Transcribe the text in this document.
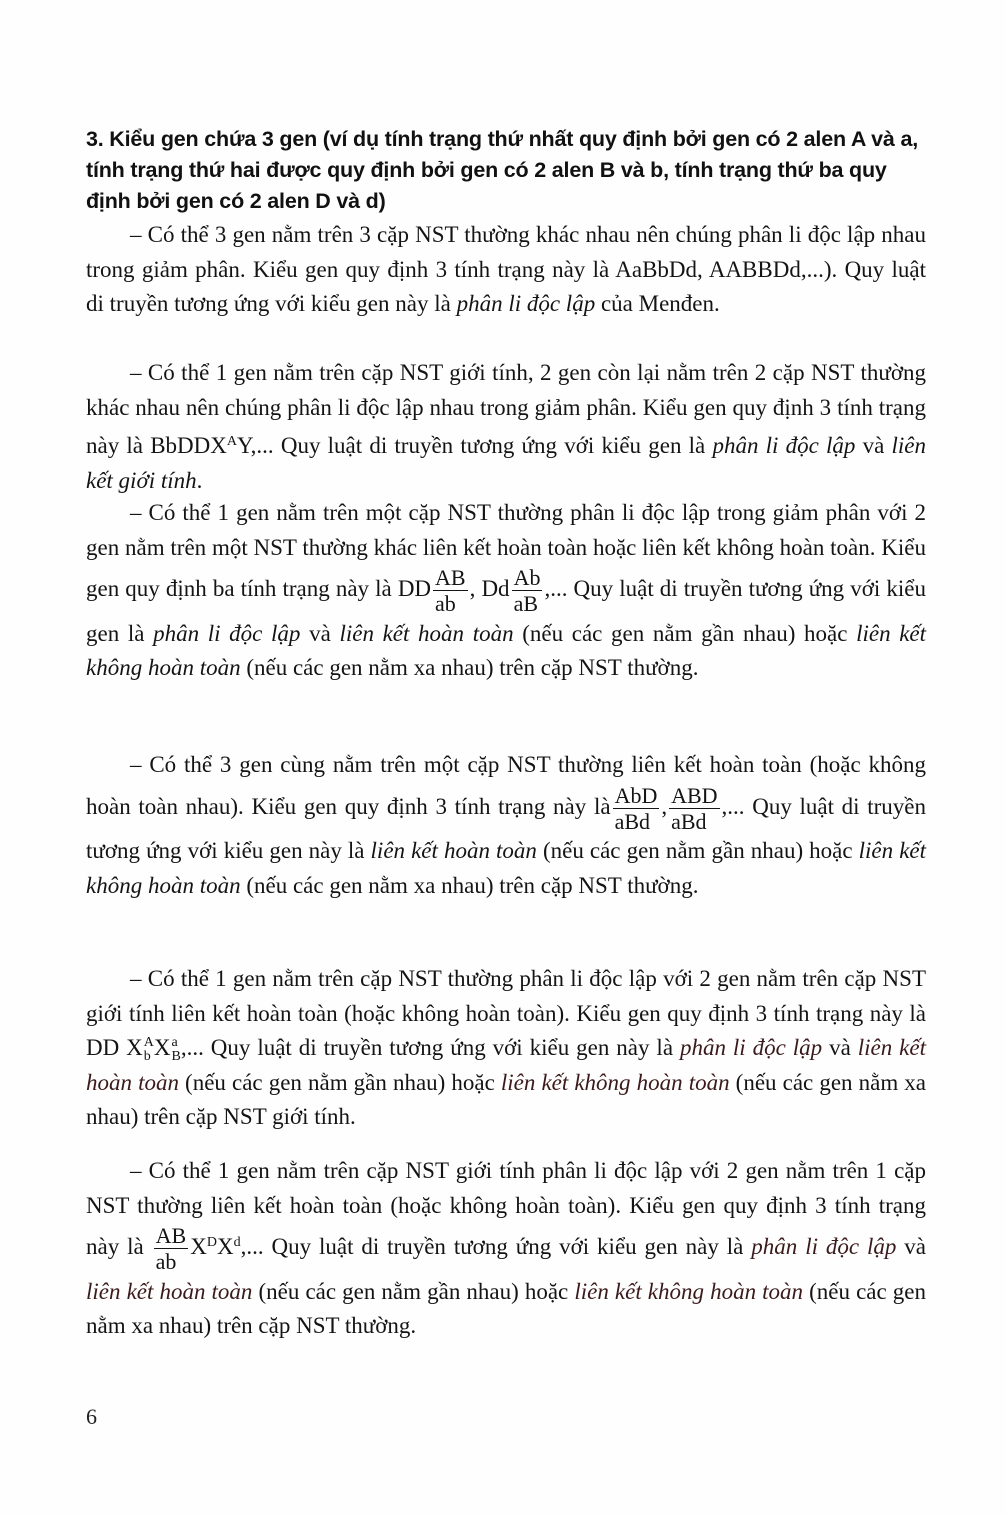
3. Kiểu gen chứa 3 gen (ví dụ tính trạng thứ nhất quy định bởi gen có 2 alen A và a, tính trạng thứ hai được quy định bởi gen có 2 alen B và b, tính trạng thứ ba quy định bởi gen có 2 alen D và d)
– Có thể 3 gen nằm trên 3 cặp NST thường khác nhau nên chúng phân li độc lập nhau trong giảm phân. Kiểu gen quy định 3 tính trạng này là AaBbDd, AABBDd,...). Quy luật di truyền tương ứng với kiểu gen này là phân li độc lập của Menđen.
– Có thể 1 gen nằm trên cặp NST giới tính, 2 gen còn lại nằm trên 2 cặp NST thường khác nhau nên chúng phân li độc lập nhau trong giảm phân. Kiểu gen quy định 3 tính trạng này là BbDDX$^A$Y,... Quy luật di truyền tương ứng với kiểu gen là phân li độc lập và liên kết giới tính.
– Có thể 1 gen nằm trên một cặp NST thường phân li độc lập trong giảm phân với 2 gen nằm trên một NST thường khác liên kết hoàn toàn hoặc liên kết không hoàn toàn. Kiểu gen quy định ba tính trạng này là DD $\frac{AB}{ab}$ , Dd $\frac{Ab}{aB}$ ,... Quy luật di truyền tương ứng với kiểu gen là phân li độc lập và liên kết hoàn toàn (nếu các gen nằm gần nhau) hoặc liên kết không hoàn toàn (nếu các gen nằm xa nhau) trên cặp NST thường.
– Có thể 3 gen cùng nằm trên một cặp NST thường liên kết hoàn toàn (hoặc không hoàn toàn nhau). Kiểu gen quy định 3 tính trạng này là $\frac{\text{AbD}}{\text{aBd}}$ , $\frac{\text{ABD}}{\text{aBd}}$ ,... Quy luật di truyền tương ứng với kiểu gen này là liên kết hoàn toàn (nếu các gen nằm gần nhau) hoặc liên kết không hoàn toàn (nếu các gen nằm xa nhau) trên cặp NST thường.
– Có thể 1 gen nằm trên cặp NST thường phân li độc lập với 2 gen nằm trên cặp NST giới tính liên kết hoàn toàn (hoặc không hoàn toàn). Kiểu gen quy định 3 tính trạng này là DD X A
b X a
B ,... Quy luật di truyền tương ứng với kiểu gen này là phân li độc lập và liên kết hoàn toàn (nếu các gen nằm gần nhau) hoặc liên kết không hoàn toàn (nếu các gen nằm xa nhau) trên cặp NST giới tính.
– Có thể 1 gen nằm trên cặp NST giới tính phân li độc lập với 2 gen nằm trên 1 cặp NST thường liên kết hoàn toàn (hoặc không hoàn toàn). Kiểu gen quy định 3 tính trạng này là $\frac{AB}{ab} X^DX^d$,... Quy luật di truyền tương ứng với kiểu gen này là phân li độc lập và liên kết hoàn toàn (nếu các gen nằm gần nhau) hoặc liên kết không hoàn toàn (nếu các gen nằm xa nhau) trên cặp NST thường.
6
